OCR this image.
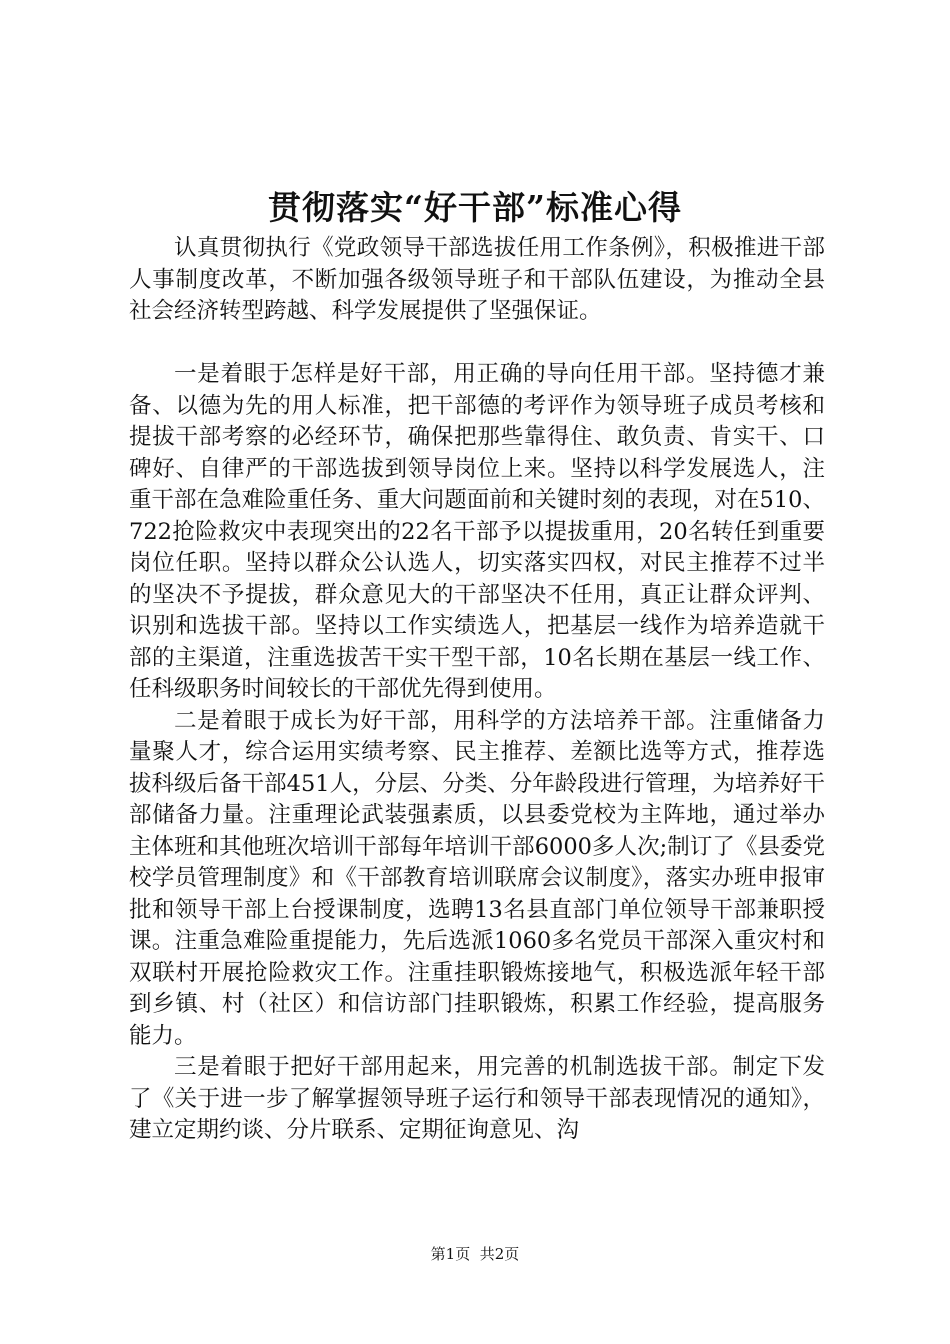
贯彻落实“好干部”标准心得

认真贯彻执行《党政领导干部选拔任用工作条例》，积极推进干部人事制度改革，不断加强各级领导班子和干部队伍建设，为推动全县社会经济转型跨越、科学发展提供了坚强保证。

一是着眼于怎样是好干部，用正确的导向任用干部。坚持德才兼备、以德为先的用人标准，把干部德的考评作为领导班子成员考核和提拔干部考察的必经环节，确保把那些靠得住、敢负责、肯实干、口碑好、自律严的干部选拔到领导岗位上来。坚持以科学发展选人，注重干部在急难险重任务、重大问题面前和关键时刻的表现，对在510、722抢险救灾中表现突出的22名干部予以提拔重用，20名转任到重要岗位任职。坚持以群众公认选人，切实落实四权，对民主推荐不过半的坚决不予提拔，群众意见大的干部坚决不任用，真正让群众评判、识别和选拔干部。坚持以工作实绩选人，把基层一线作为培养造就干部的主渠道，注重选拔苦干实干型干部，10名长期在基层一线工作、任科级职务时间较长的干部优先得到使用。

二是着眼于成长为好干部，用科学的方法培养干部。注重储备力量聚人才，综合运用实绩考察、民主推荐、差额比选等方式，推荐选拔科级后备干部451人，分层、分类、分年龄段进行管理，为培养好干部储备力量。注重理论武装强素质，以县委党校为主阵地，通过举办主体班和其他班次培训干部每年培训干部6000多人次;制订了《县委党校学员管理制度》和《干部教育培训联席会议制度》，落实办班申报审批和领导干部上台授课制度，选聘13名县直部门单位领导干部兼职授课。注重急难险重提能力，先后选派1060多名党员干部深入重灾村和双联村开展抢险救灾工作。注重挂职锻炼接地气，积极选派年轻干部到乡镇、村（社区）和信访部门挂职锻炼，积累工作经验，提高服务能力。

三是着眼于把好干部用起来，用完善的机制选拔干部。制定下发了《关于进一步了解掌握领导班子运行和领导干部表现情况的通知》，建立定期约谈、分片联系、定期征询意见、沟

第1页 共2页
